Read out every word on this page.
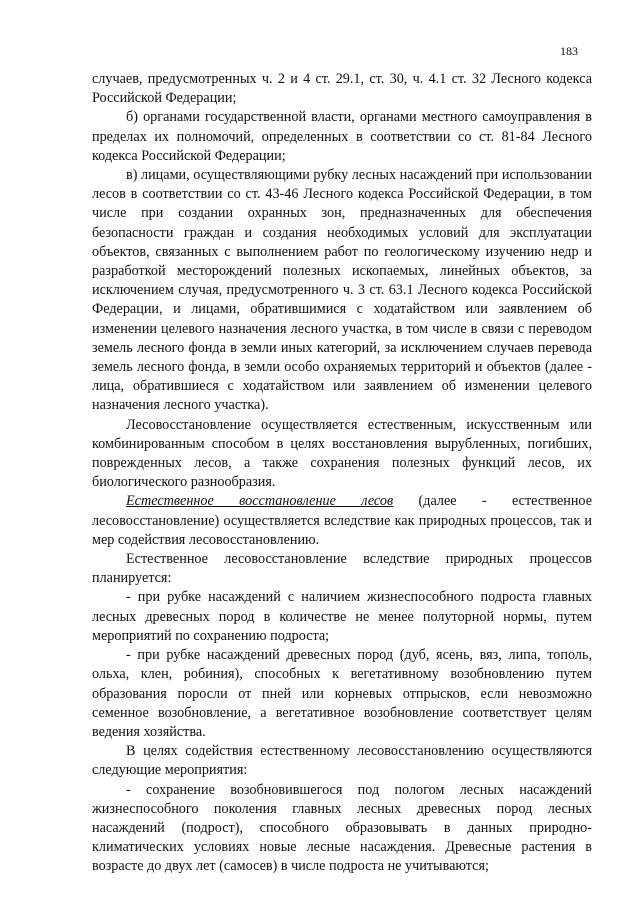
183

случаев, предусмотренных ч. 2 и 4 ст. 29.1, ст. 30, ч. 4.1 ст. 32 Лесного кодекса Российской Федерации;

б) органами государственной власти, органами местного самоуправления в пределах их полномочий, определенных в соответствии со ст. 81-84 Лесного кодекса Российской Федерации;

в) лицами, осуществляющими рубку лесных насаждений при использовании лесов в соответствии со ст. 43-46 Лесного кодекса Российской Федерации, в том числе при создании охранных зон, предназначенных для обеспечения безопасности граждан и создания необходимых условий для эксплуатации объектов, связанных с выполнением работ по геологическому изучению недр и разработкой месторождений полезных ископаемых, линейных объектов, за исключением случая, предусмотренного ч. 3 ст. 63.1 Лесного кодекса Российской Федерации, и лицами, обратившимися с ходатайством или заявлением об изменении целевого назначения лесного участка, в том числе в связи с переводом земель лесного фонда в земли иных категорий, за исключением случаев перевода земель лесного фонда, в земли особо охраняемых территорий и объектов (далее - лица, обратившиеся с ходатайством или заявлением об изменении целевого назначения лесного участка).

Лесовосстановление осуществляется естественным, искусственным или комбинированным способом в целях восстановления вырубленных, погибших, поврежденных лесов, а также сохранения полезных функций лесов, их биологического разнообразия.

Естественное восстановление лесов (далее - естественное лесовосстановление) осуществляется вследствие как природных процессов, так и мер содействия лесовосстановлению.

Естественное лесовосстановление вследствие природных процессов планируется:

- при рубке насаждений с наличием жизнеспособного подроста главных лесных древесных пород в количестве не менее полуторной нормы, путем мероприятий по сохранению подроста;

- при рубке насаждений древесных пород (дуб, ясень, вяз, липа, тополь, ольха, клен, робиния), способных к вегетативному возобновлению путем образования поросли от пней или корневых отпрысков, если невозможно семенное возобновление, а вегетативное возобновление соответствует целям ведения хозяйства.

В целях содействия естественному лесовосстановлению осуществляются следующие мероприятия:

- сохранение возобновившегося под пологом лесных насаждений жизнеспособного поколения главных лесных древесных пород лесных насаждений (подрост), способного образовывать в данных природно-климатических условиях новые лесные насаждения. Древесные растения в возрасте до двух лет (самосев) в числе подроста не учитываются;
